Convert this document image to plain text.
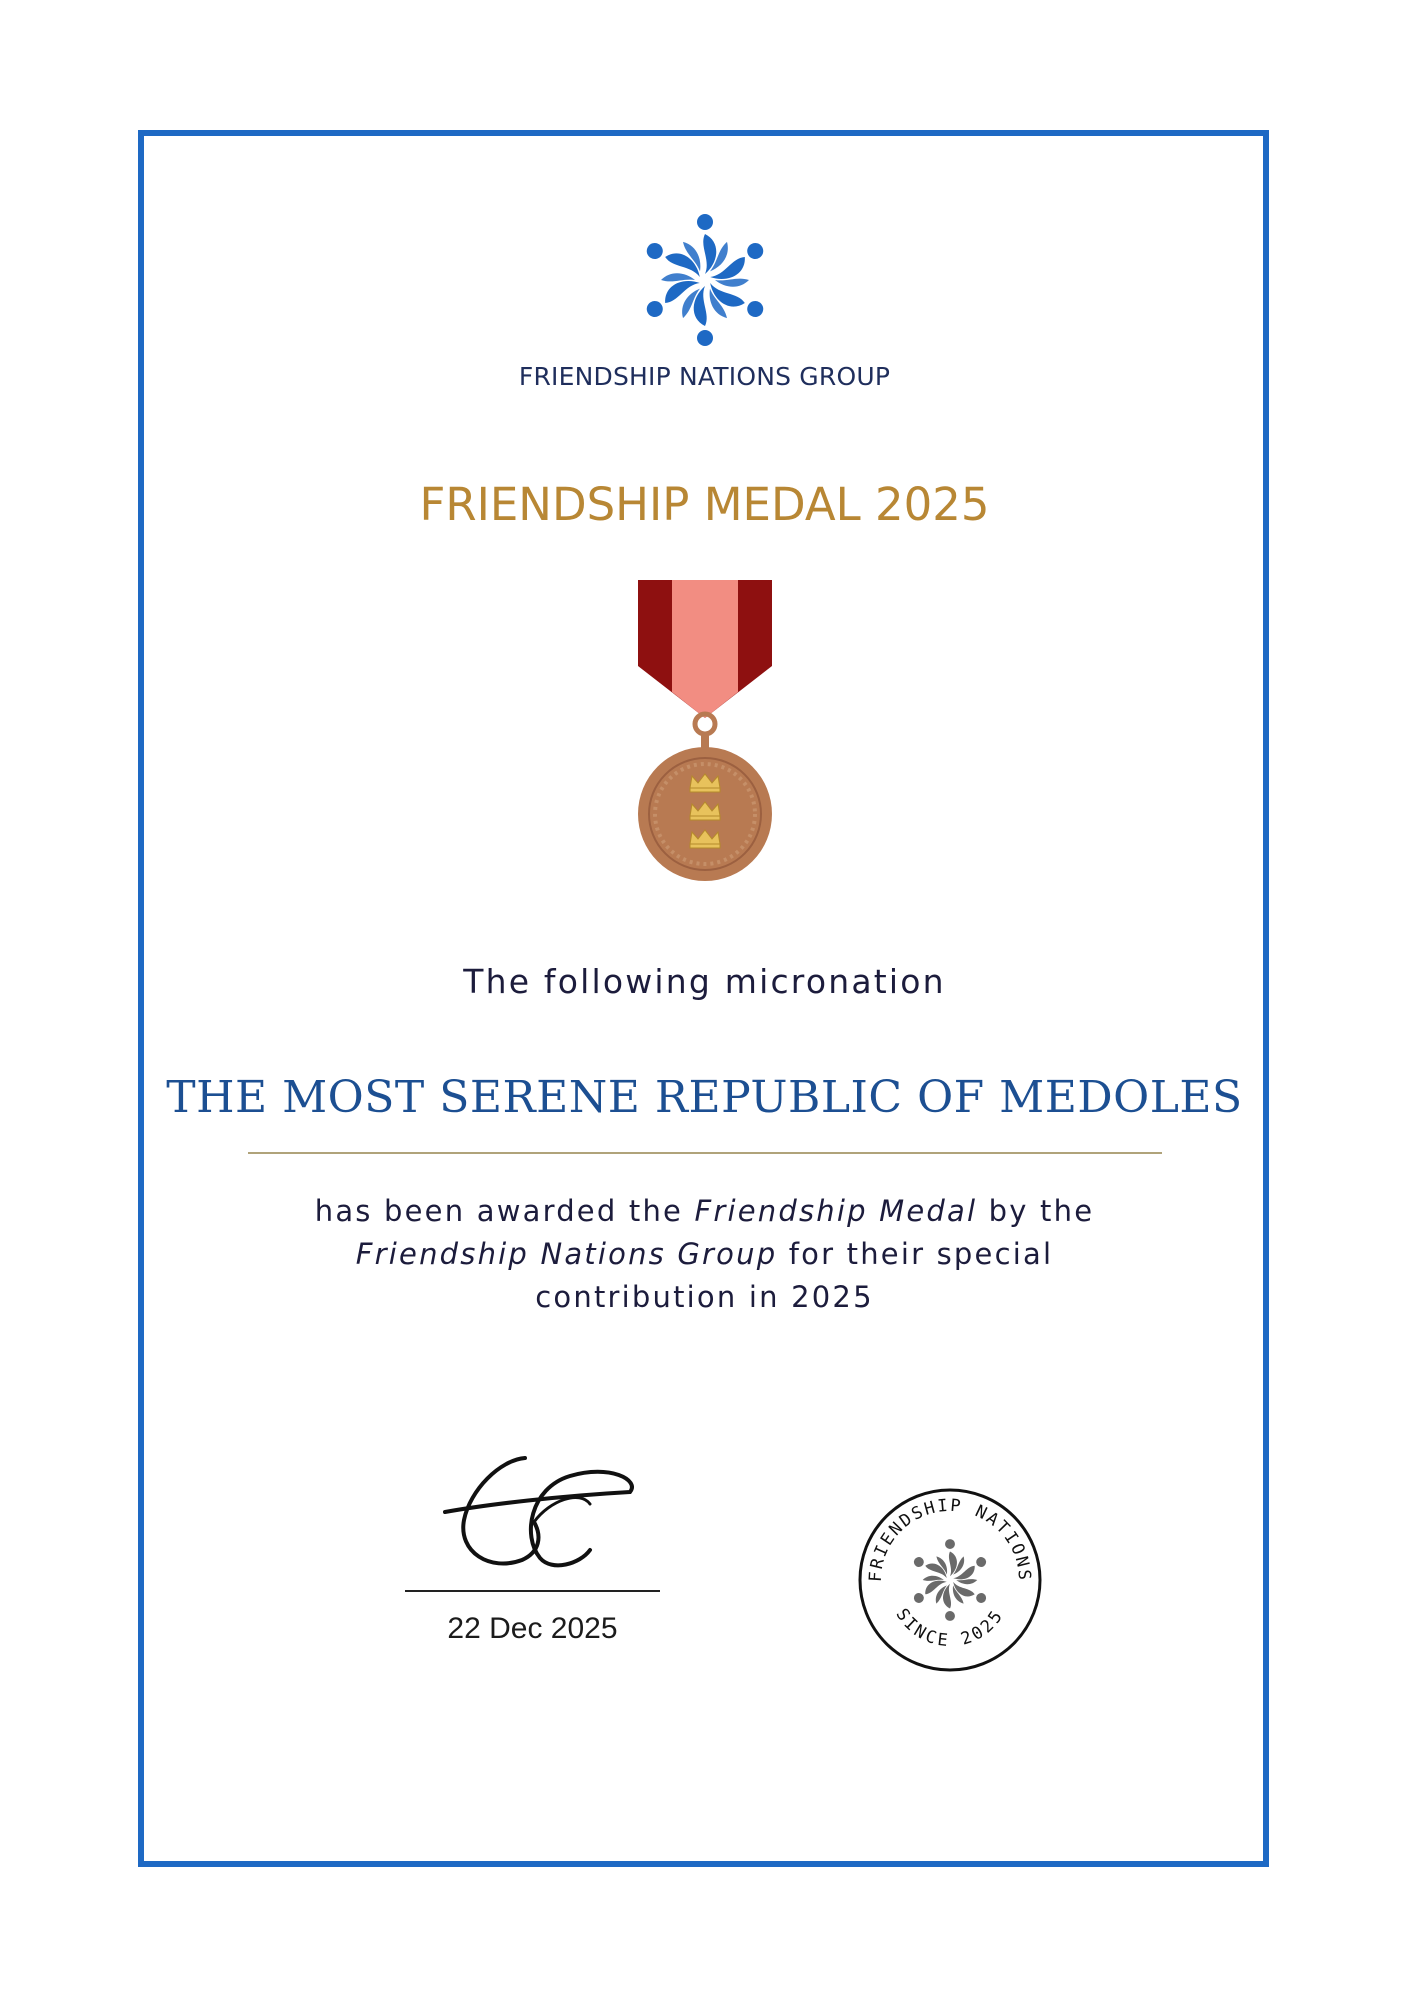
FRIENDSHIP NATIONS GROUP
FRIENDSHIP MEDAL 2025
The following micronation
THE MOST SERENE REPUBLIC OF MEDOLES
has been awarded the Friendship Medal by the
Friendship Nations Group for their special
contribution in 2025
22 Dec 2025
FRIENDSHIP NATIONS
SINCE 2025
